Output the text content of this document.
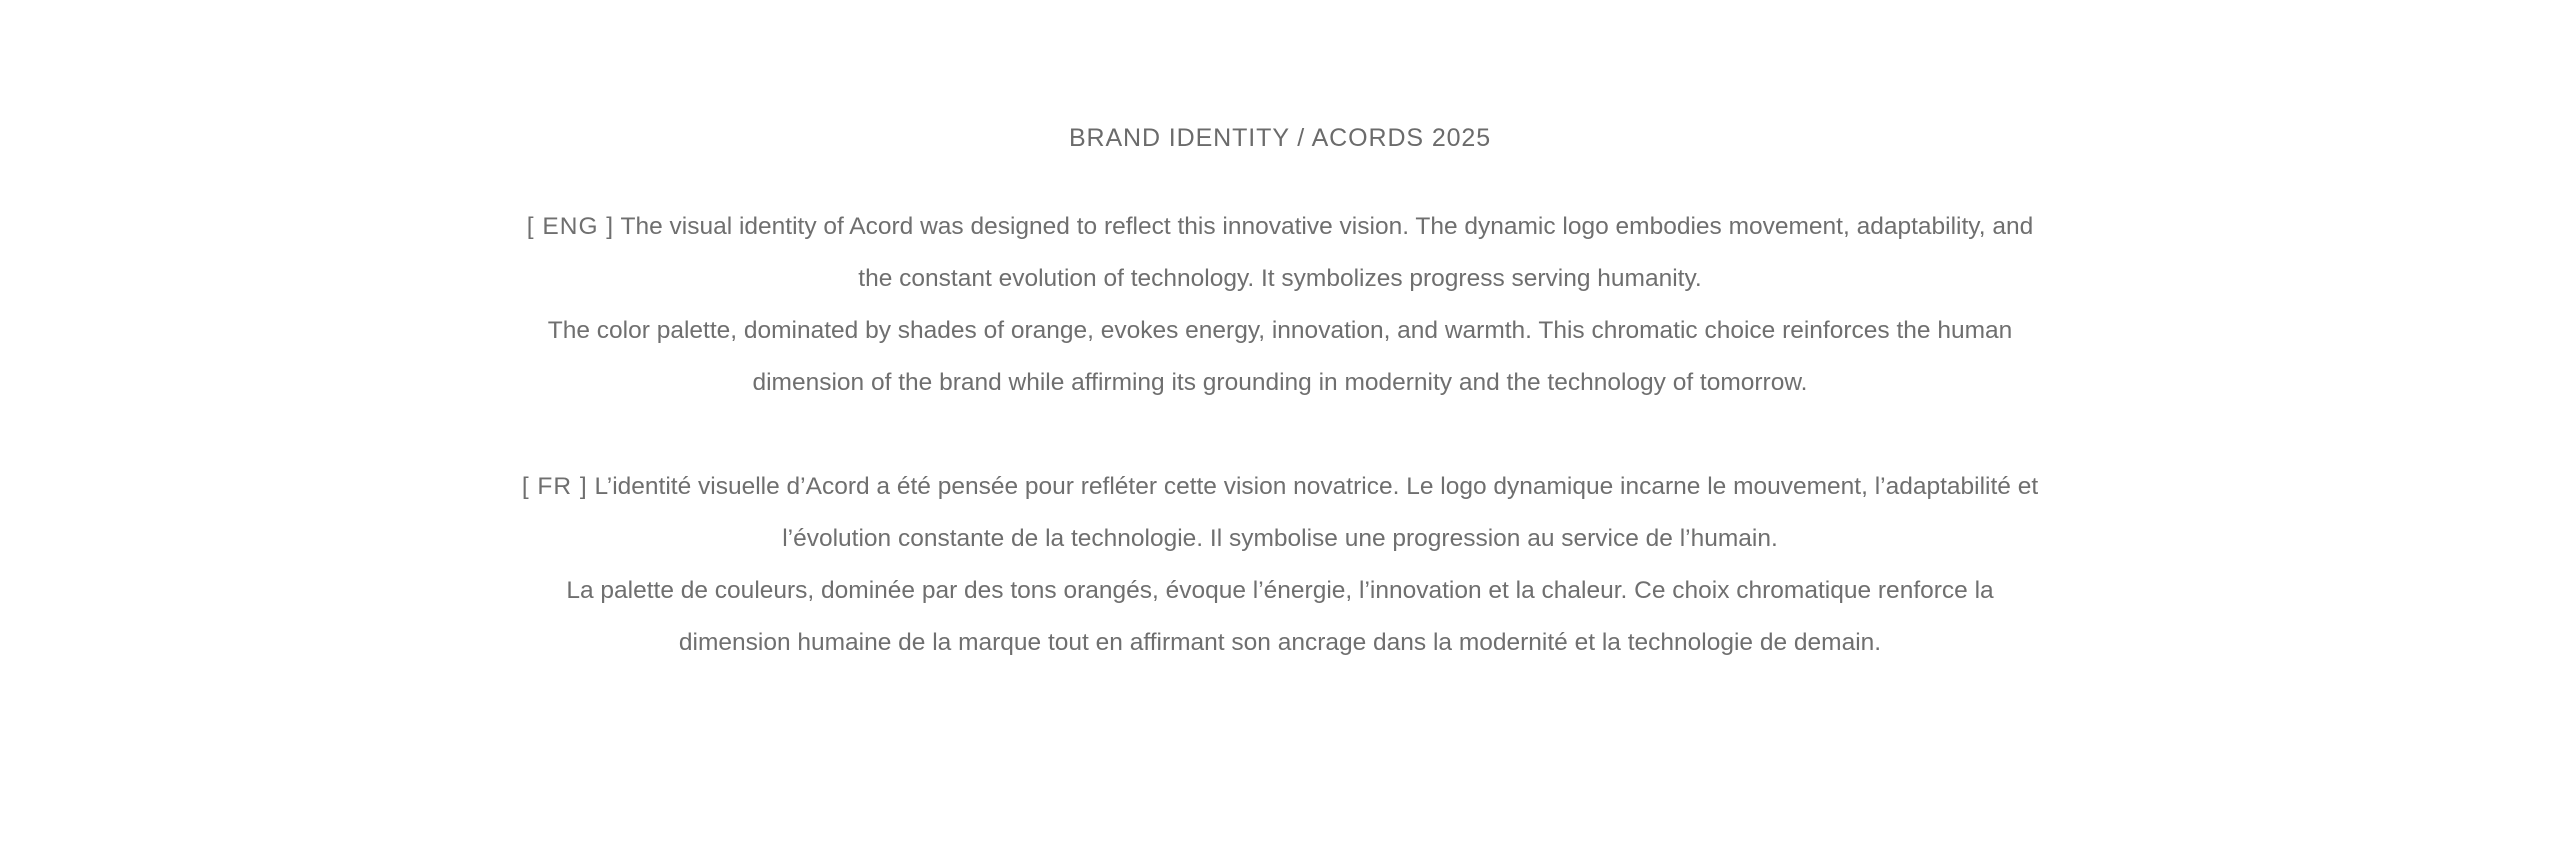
BRAND IDENTITY / ACORDS 2025
[ ENG ] The visual identity of Acord was designed to reflect this innovative vision. The dynamic logo embodies movement, adaptability, and the constant evolution of technology. It symbolizes progress serving humanity.
The color palette, dominated by shades of orange, evokes energy, innovation, and warmth. This chromatic choice reinforces the human dimension of the brand while affirming its grounding in modernity and the technology of tomorrow.
[ FR ] L’identité visuelle d’Acord a été pensée pour refléter cette vision novatrice. Le logo dynamique incarne le mouvement, l’adaptabilité et l’évolution constante de la technologie. Il symbolise une progression au service de l’humain.
La palette de couleurs, dominée par des tons orangés, évoque l’énergie, l’innovation et la chaleur. Ce choix chromatique renforce la dimension humaine de la marque tout en affirmant son ancrage dans la modernité et la technologie de demain.
